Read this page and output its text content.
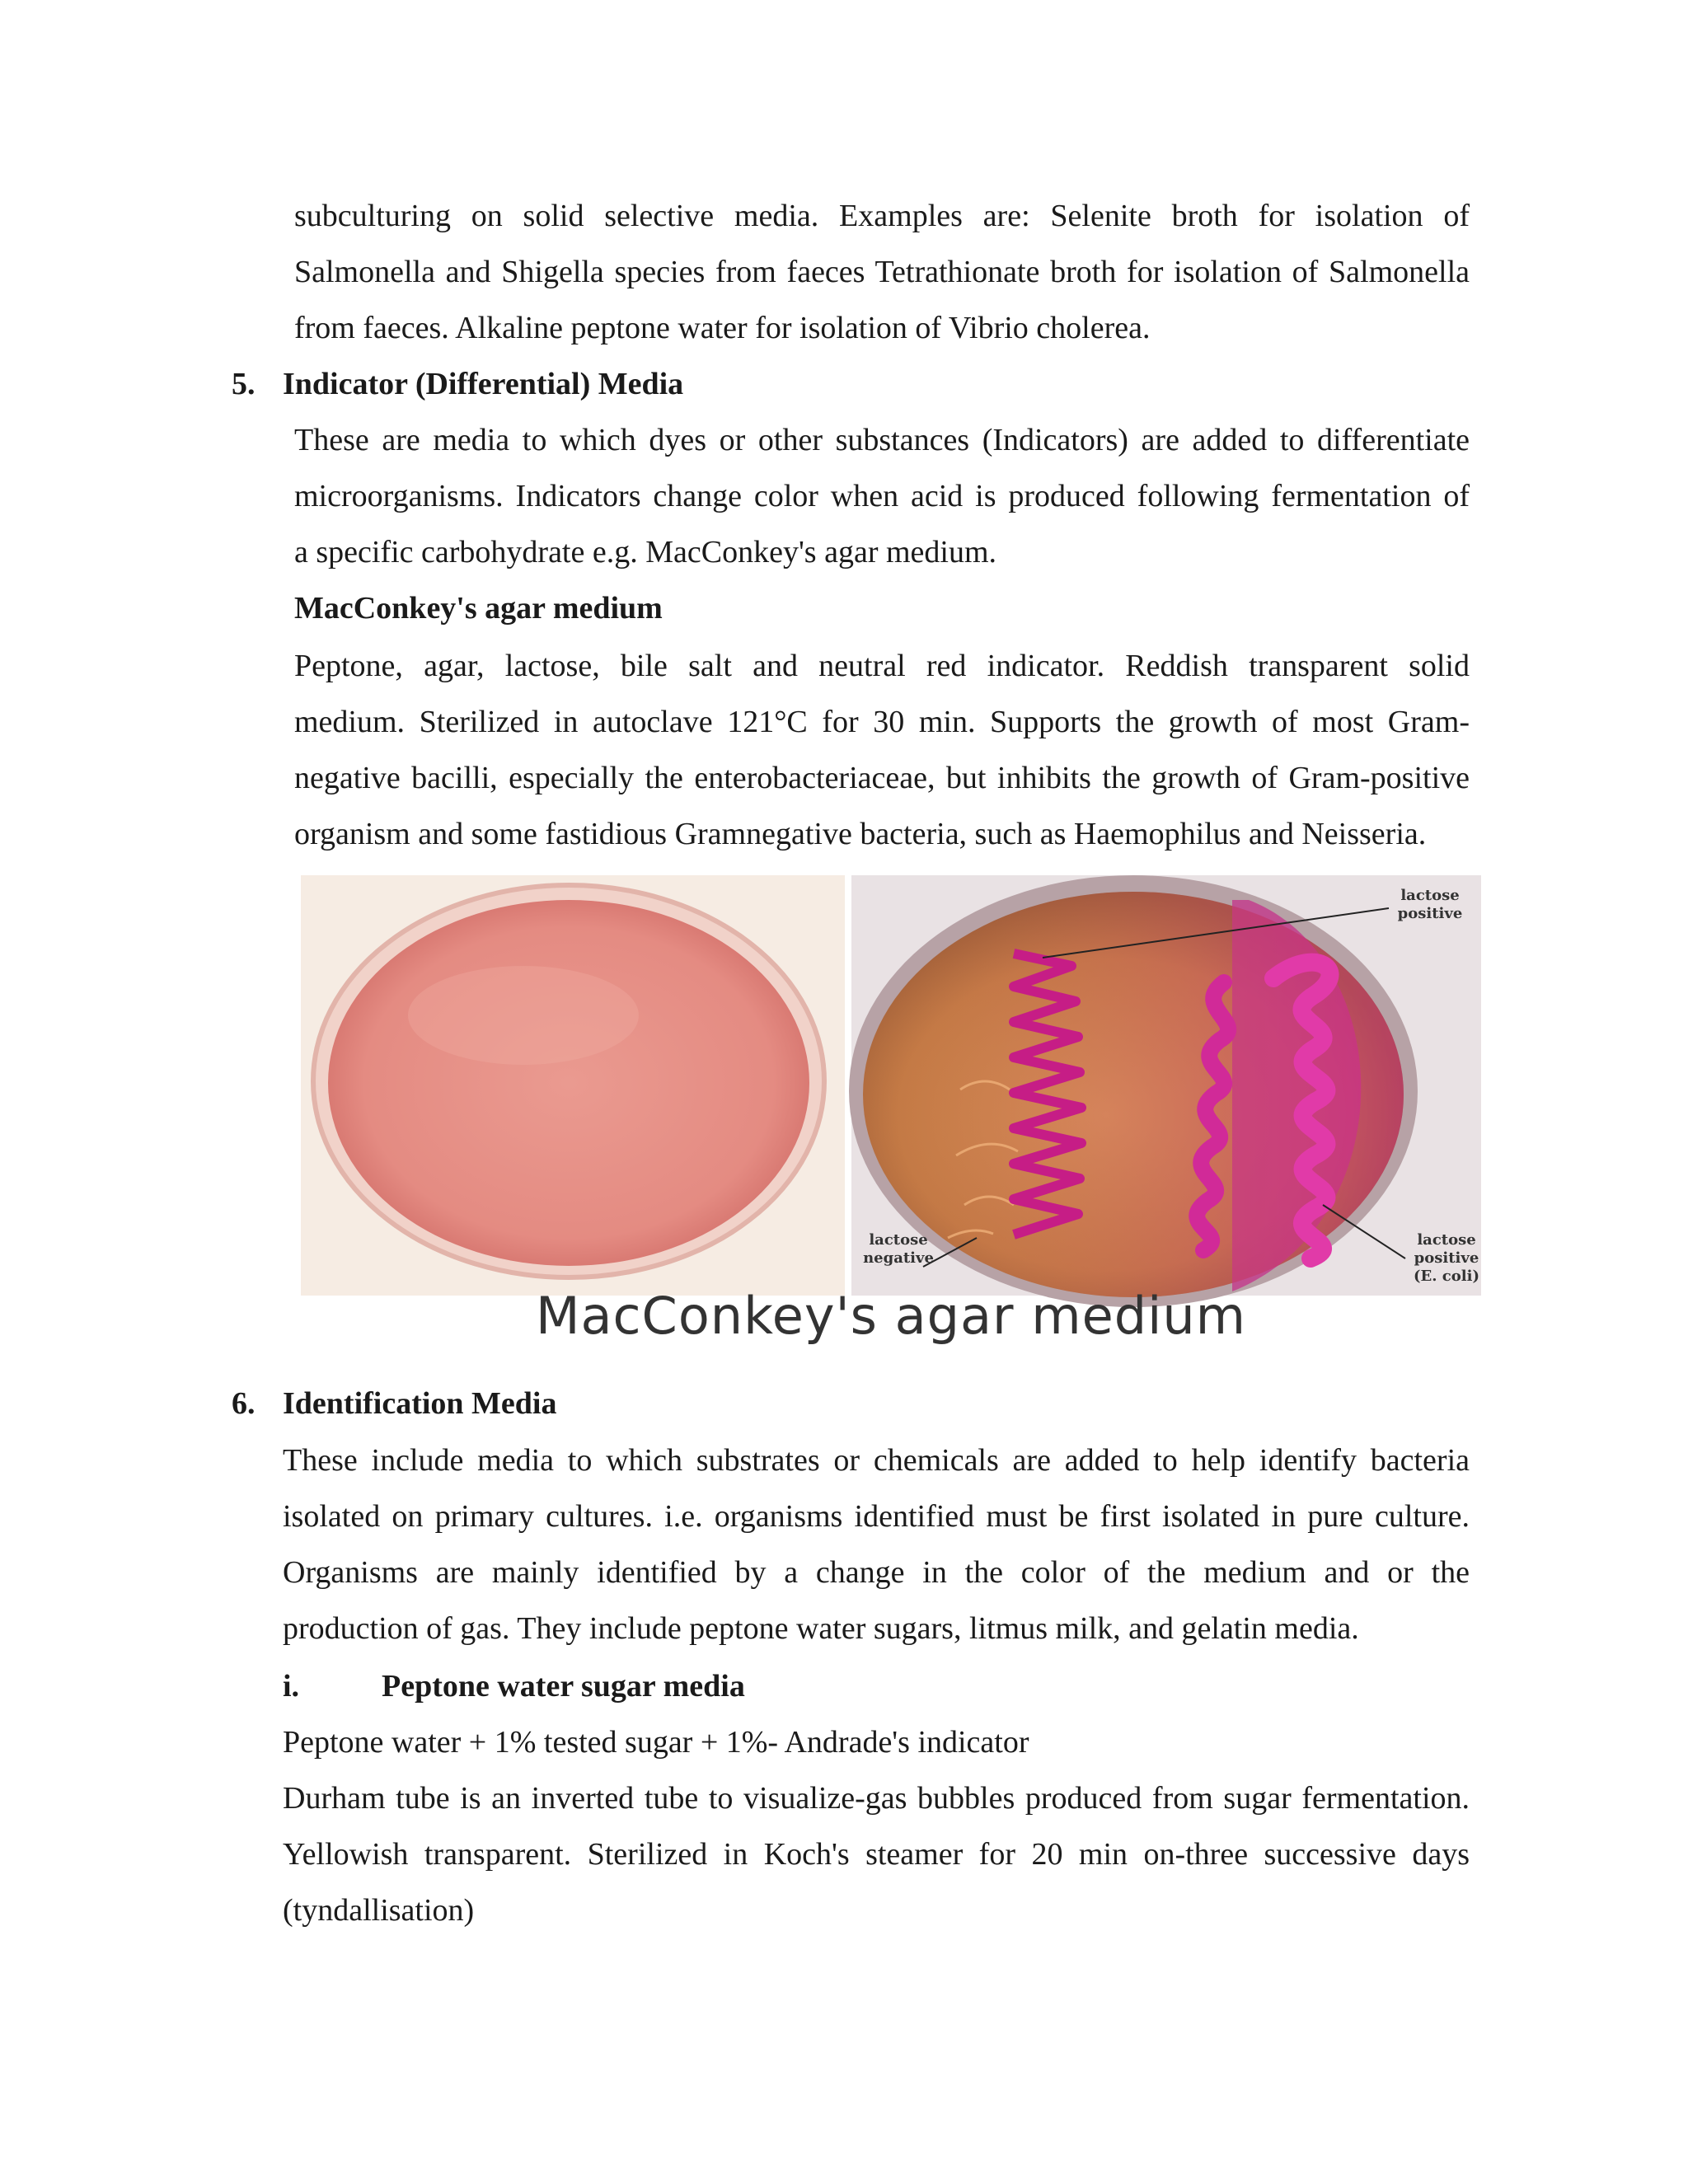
subculturing on solid selective media. Examples are: Selenite broth for isolation of
Salmonella and Shigella species from faeces Tetrathionate broth for isolation of Salmonella
from faeces. Alkaline peptone water for isolation of Vibrio cholerea.
5. Indicator (Differential) Media
These are media to which dyes or other substances (Indicators) are added to differentiate
microorganisms. Indicators change color when acid is produced following fermentation of
a specific carbohydrate e.g. MacConkey's agar medium.
MacConkey's agar medium
Peptone, agar, lactose, bile salt and neutral red indicator. Reddish transparent solid
medium. Sterilized in autoclave 121°C for 30 min. Supports the growth of most Gram-
negative bacilli, especially the enterobacteriaceae, but inhibits the growth of Gram-positive
organism and some fastidious Gramnegative bacteria, such as Haemophilus and Neisseria.
lactose
positive
lactose
negative
lactose
positive
(E. coli)
MacConkey's agar medium
6. Identification Media
These include media to which substrates or chemicals are added to help identify bacteria
isolated on primary cultures. i.e. organisms identified must be first isolated in pure culture.
Organisms are mainly identified by a change in the color of the medium and or the
production of gas. They include peptone water sugars, litmus milk, and gelatin media.
i.	Peptone water sugar media
Peptone water + 1% tested sugar + 1%- Andrade's indicator
Durham tube is an inverted tube to visualize-gas bubbles produced from sugar fermentation.
Yellowish transparent. Sterilized in Koch's steamer for 20 min on-three successive days
(tyndallisation)
